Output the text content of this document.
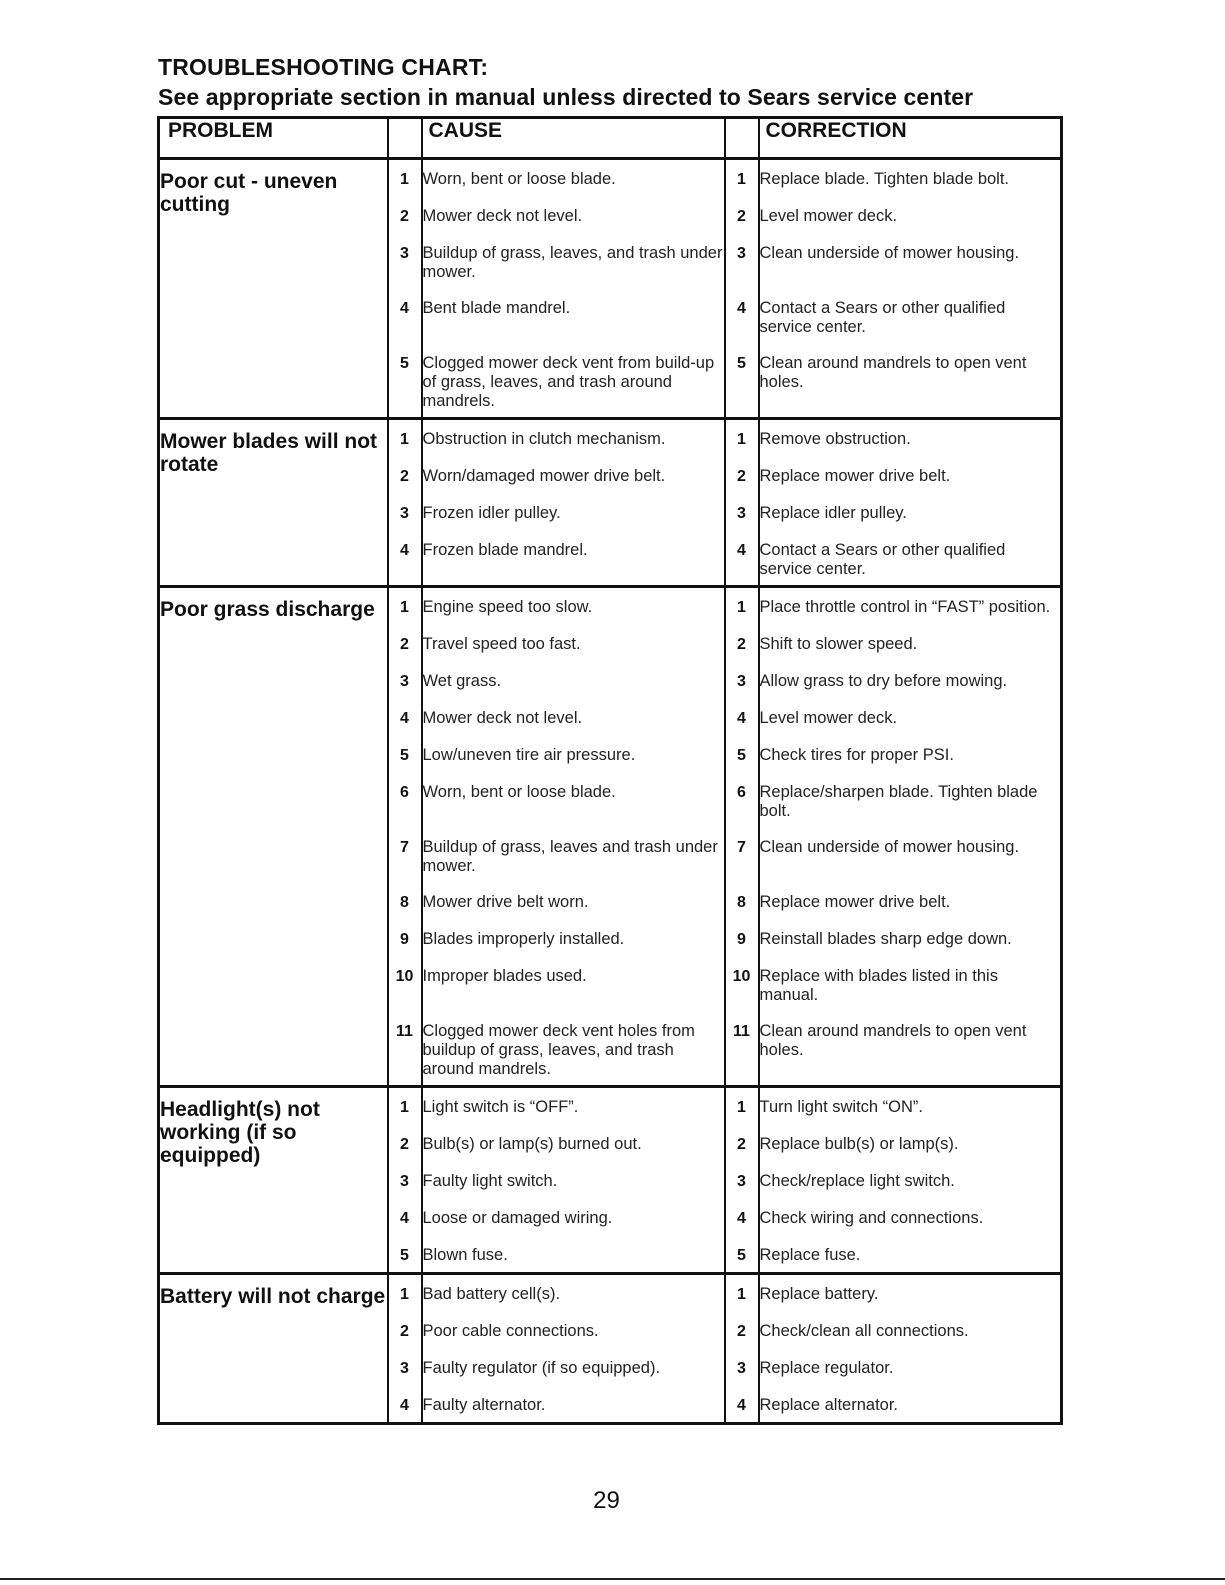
TROUBLESHOOTING CHART:
See appropriate section in manual unless directed to Sears service center
PROBLEM		CAUSE		CORRECTION
Poor cut - uneven cutting	1	Worn, bent or loose blade.	1	Replace blade. Tighten blade bolt.
	2	Mower deck not level.	2	Level mower deck.
	3	Buildup of grass, leaves, and trash under mower.	3	Clean underside of mower housing.
	4	Bent blade mandrel.	4	Contact a Sears or other qualified service center.
	5	Clogged mower deck vent from build-up of grass, leaves, and trash around mandrels.	5	Clean around mandrels to open vent holes.
Mower blades will not rotate	1	Obstruction in clutch mechanism.	1	Remove obstruction.
	2	Worn/damaged mower drive belt.	2	Replace mower drive belt.
	3	Frozen idler pulley.	3	Replace idler pulley.
	4	Frozen blade mandrel.	4	Contact a Sears or other qualified service center.
Poor grass discharge	1	Engine speed too slow.	1	Place throttle control in “FAST” position.
	2	Travel speed too fast.	2	Shift to slower speed.
	3	Wet grass.	3	Allow grass to dry before mowing.
	4	Mower deck not level.	4	Level mower deck.
	5	Low/uneven tire air pressure.	5	Check tires for proper PSI.
	6	Worn, bent or loose blade.	6	Replace/sharpen blade. Tighten blade bolt.
	7	Buildup of grass, leaves and trash under mower.	7	Clean underside of mower housing.
	8	Mower drive belt worn.	8	Replace mower drive belt.
	9	Blades improperly installed.	9	Reinstall blades sharp edge down.
	10	Improper blades used.	10	Replace with blades listed in this manual.
	11	Clogged mower deck vent holes from buildup of grass, leaves, and trash around mandrels.	11	Clean around mandrels to open vent holes.
Headlight(s) not working (if so equipped)	1	Light switch is “OFF”.	1	Turn light switch “ON”.
	2	Bulb(s) or lamp(s) burned out.	2	Replace bulb(s) or lamp(s).
	3	Faulty light switch.	3	Check/replace light switch.
	4	Loose or damaged wiring.	4	Check wiring and connections.
	5	Blown fuse.	5	Replace fuse.
Battery will not charge	1	Bad battery cell(s).	1	Replace battery.
	2	Poor cable connections.	2	Check/clean all connections.
	3	Faulty regulator (if so equipped).	3	Replace regulator.
	4	Faulty alternator.	4	Replace alternator.
29
